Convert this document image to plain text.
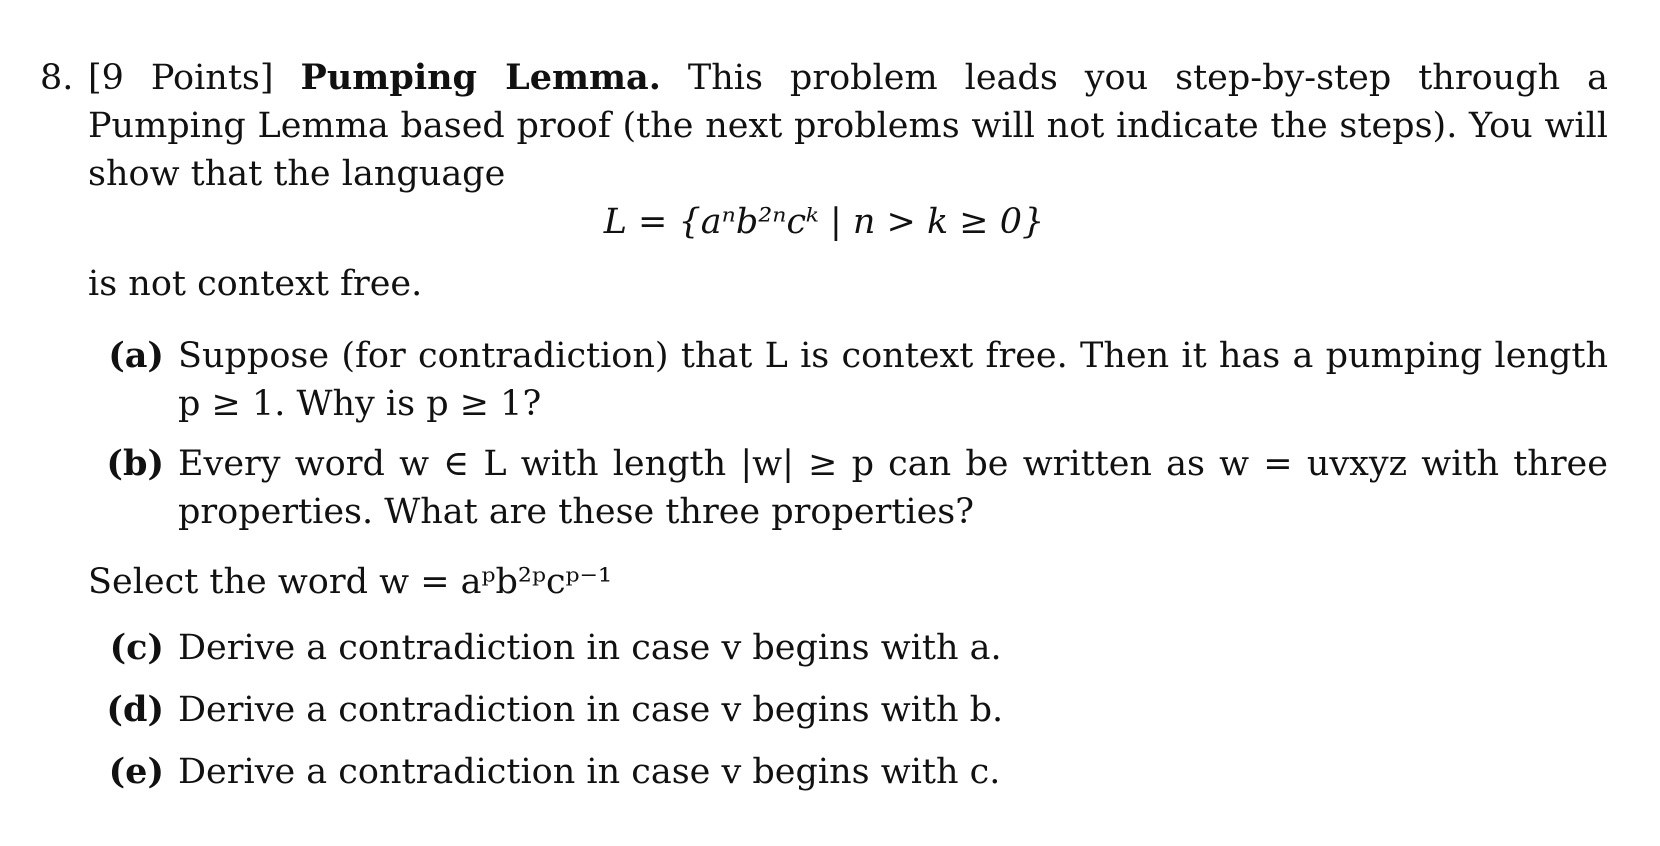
8. [9 Points] Pumping Lemma. This problem leads you step-by-step through a Pumping Lemma based proof (the next problems will not indicate the steps). You will show that the language
L = {aⁿb²ⁿcᵏ | n > k ≥ 0}
is not context free.
(a) Suppose (for contradiction) that L is context free. Then it has a pumping length p ≥ 1. Why is p ≥ 1?
(b) Every word w ∈ L with length |w| ≥ p can be written as w = uvxyz with three properties. What are these three properties?
Select the word w = aᵖb²ᵖcᵖ⁻¹
(c) Derive a contradiction in case v begins with a.
(d) Derive a contradiction in case v begins with b.
(e) Derive a contradiction in case v begins with c.
